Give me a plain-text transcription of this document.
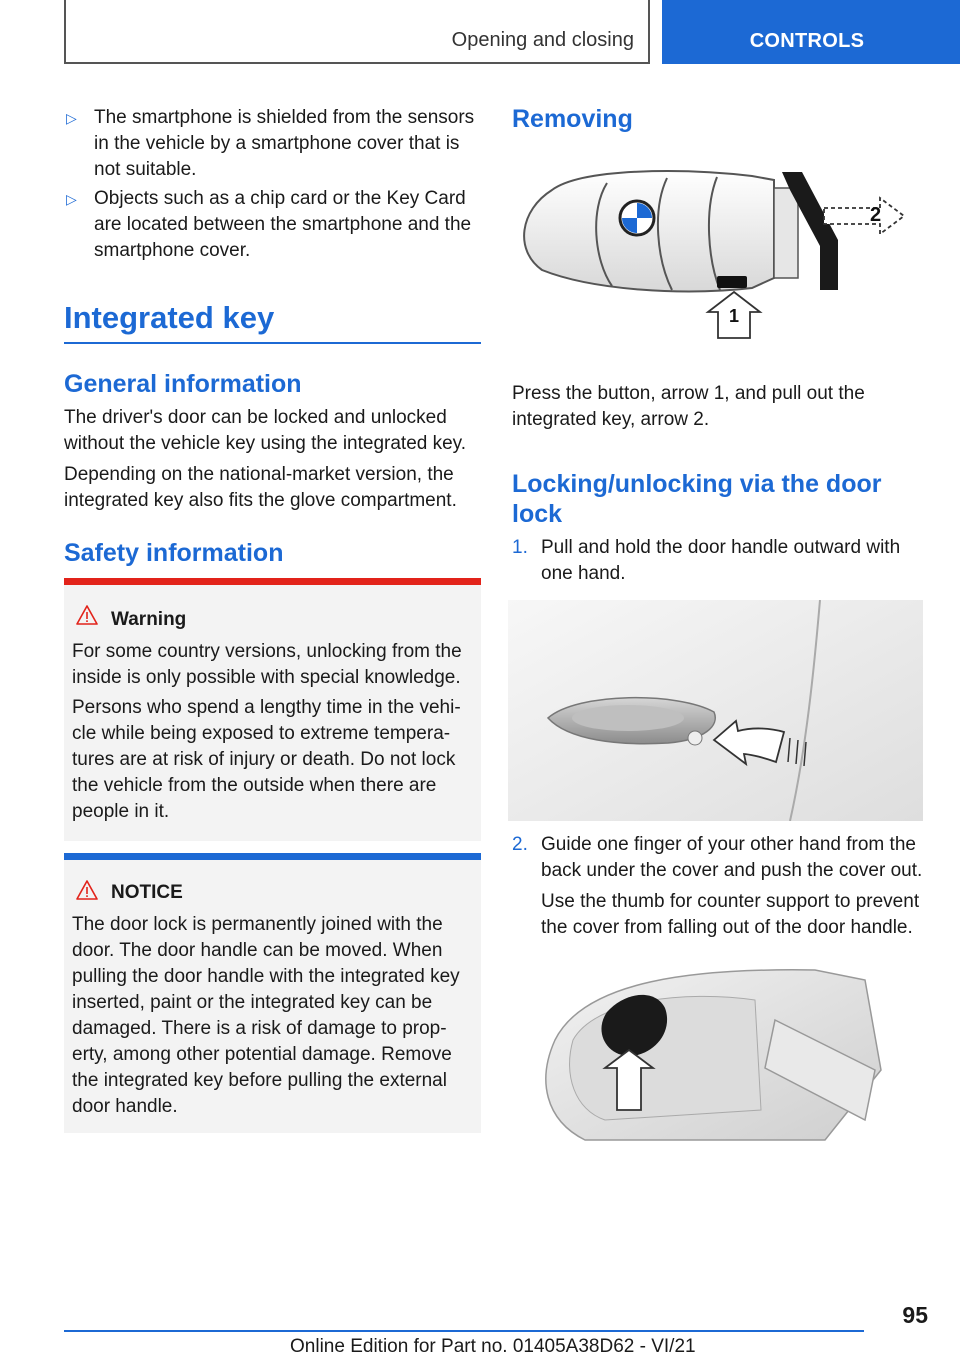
Opening and closing	CONTROLS
▷ The smartphone is shielded from the sensors in the vehicle by a smartphone cover that is not suitable.
▷ Objects such as a chip card or the Key Card are located between the smartphone and the smartphone cover.
Integrated key
General information
The driver's door can be locked and unlocked without the vehicle key using the integrated key.
Depending on the national-market version, the integrated key also fits the glove compartment.
Safety information
Warning
For some country versions, unlocking from the inside is only possible with special knowledge.
Persons who spend a lengthy time in the vehi-cle while being exposed to extreme tempera-tures are at risk of injury or death. Do not lock the vehicle from the outside when there are people in it.
NOTICE
The door lock is permanently joined with the door. The door handle can be moved. When pulling the door handle with the integrated key inserted, paint or the integrated key can be damaged. There is a risk of damage to prop-erty, among other potential damage. Remove the integrated key before pulling the external door handle.
Removing
2
1
Press the button, arrow 1, and pull out the integrated key, arrow 2.
Locking/unlocking via the door lock
1. Pull and hold the door handle outward with one hand.
2. Guide one finger of your other hand from the back under the cover and push the cover out.
Use the thumb for counter support to prevent the cover from falling out of the door handle.
95
Online Edition for Part no. 01405A38D62 - VI/21
